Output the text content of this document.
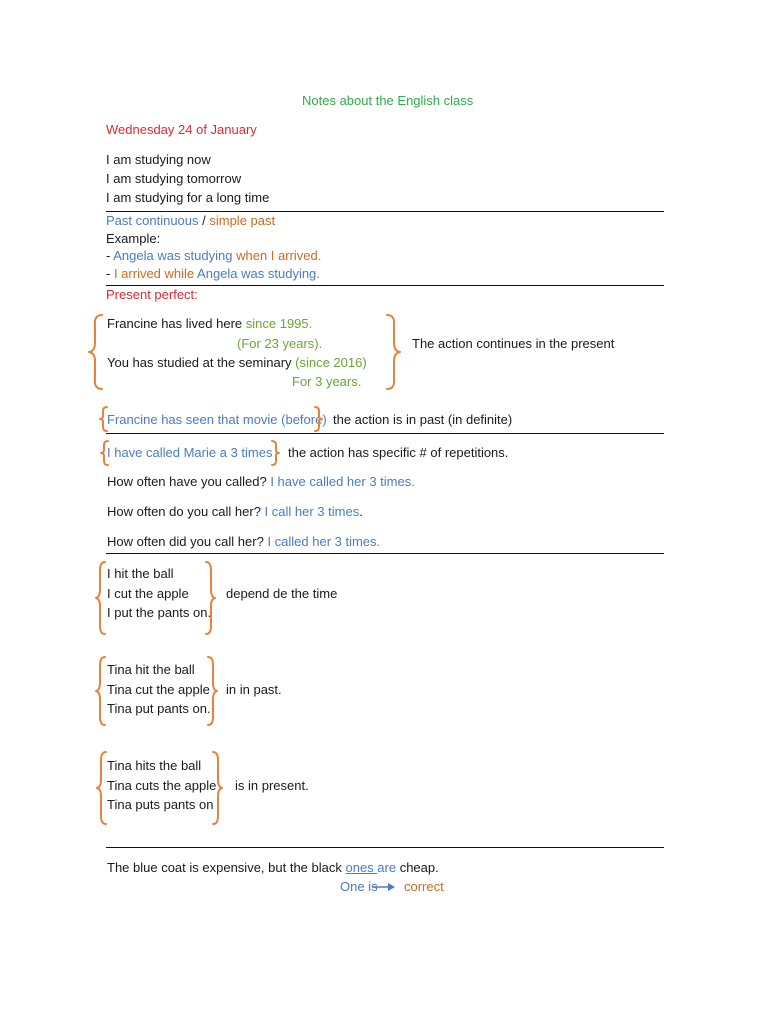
Notes about the English class
Wednesday 24 of January
I am studying now
I am studying tomorrow
I am studying for a long time
Past continuous / simple past
Example:
- Angela was studying when I arrived.
- I arrived while Angela was studying.
Present perfect:
Francine has lived here since 1995.
(For 23 years).
You has studied at the seminary (since 2016)
For 3 years.
The action continues in the present
Francine has seen that movie (before) the action is in past (in definite)
I have called Marie a 3 times the action has specific # of repetitions.
How often have you called? I have called her 3 times.
How often do you call her? I call her 3 times.
How often did you call her? I called her 3 times.
I hit the ball
I cut the apple
I put the pants on.
depend de the time
Tina hit the ball
Tina cut the apple
Tina put pants on.
in in past.
Tina hits the ball
Tina cuts the apple
Tina puts pants on
is in present.
The blue coat is expensive, but the black ones are cheap.
One is correct
